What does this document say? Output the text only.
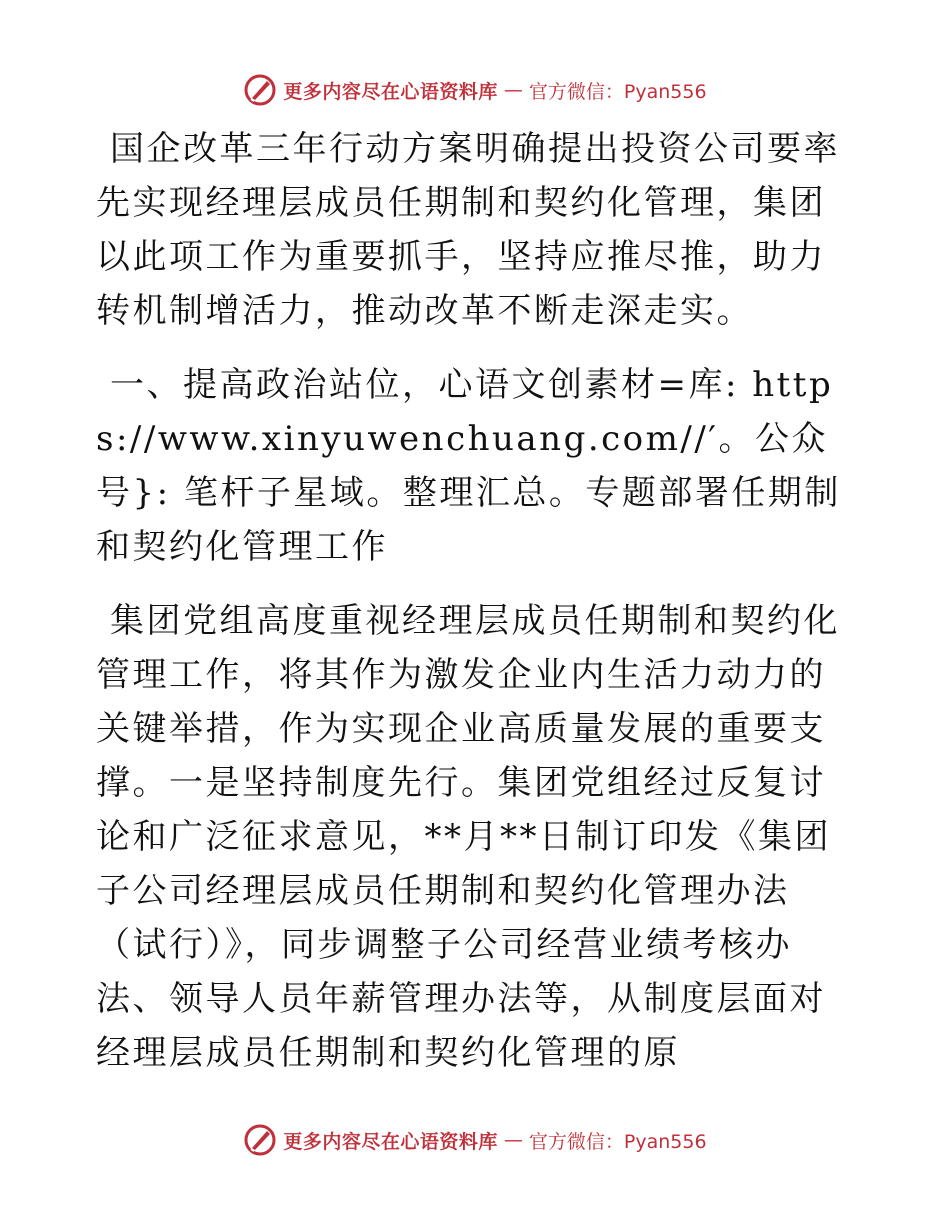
更多内容尽在心语资料库 — 官方微信：Pyan556

国企改革三年行动方案明确提出投资公司要率先实现经理层成员任期制和契约化管理，集团以此项工作为重要抓手，坚持应推尽推，助力转机制增活力，推动改革不断走深走实。

一、提高政治站位，心语文创素材=库: https://www.xinyuwenchuang.com//′。公众号}: 笔杆子星域。整理汇总。专题部署任期制和契约化管理工作

集团党组高度重视经理层成员任期制和契约化管理工作，将其作为激发企业内生活力动力的关键举措，作为实现企业高质量发展的重要支撑。一是坚持制度先行。集团党组经过反复讨论和广泛征求意见，**月**日制订印发《集团子公司经理层成员任期制和契约化管理办法（试行）》，同步调整子公司经营业绩考核办法、领导人员年薪管理办法等，从制度层面对经理层成员任期制和契约化管理的原

更多内容尽在心语资料库 — 官方微信：Pyan556
